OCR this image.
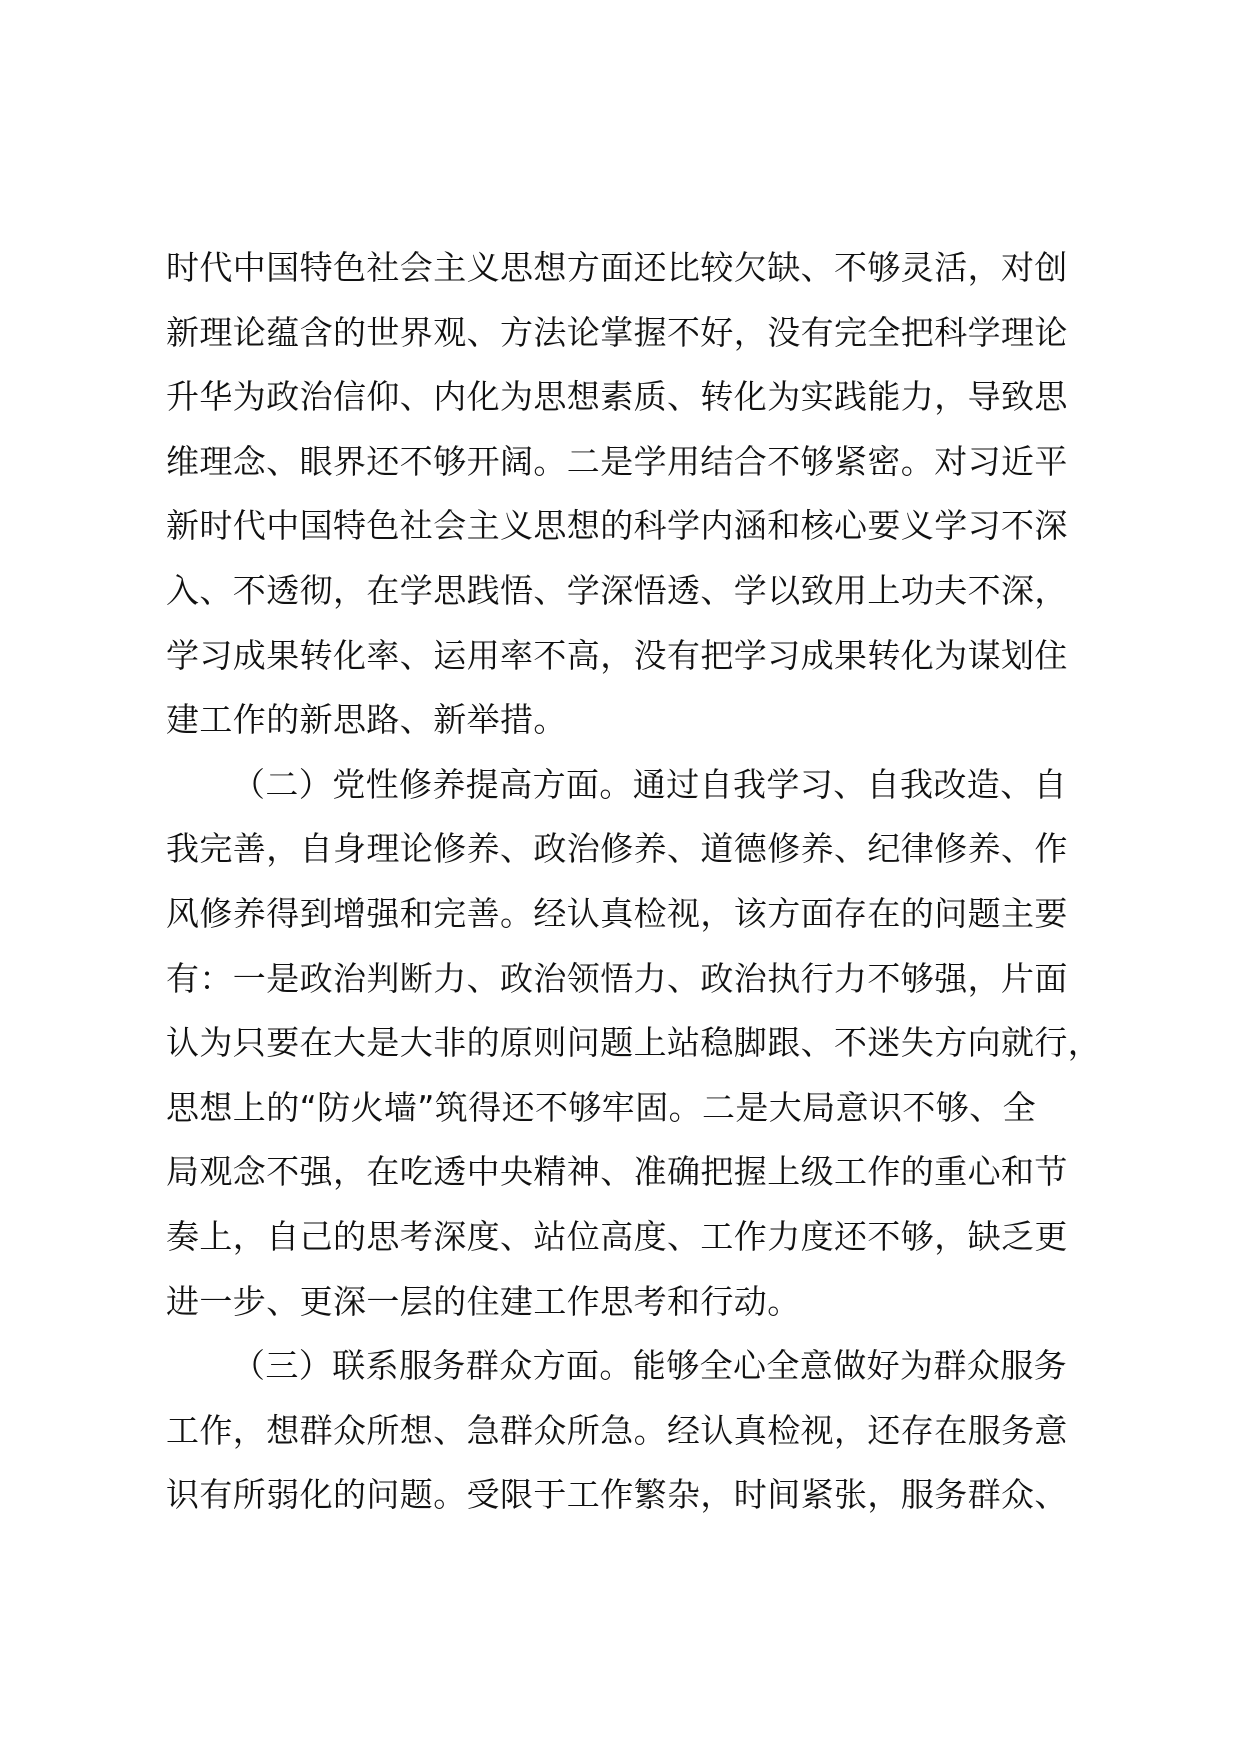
时代中国特色社会主义思想方面还比较欠缺、不够灵活，对创
新理论蕴含的世界观、方法论掌握不好，没有完全把科学理论
升华为政治信仰、内化为思想素质、转化为实践能力，导致思
维理念、眼界还不够开阔。二是学用结合不够紧密。对习近平
新时代中国特色社会主义思想的科学内涵和核心要义学习不深
入、不透彻，在学思践悟、学深悟透、学以致用上功夫不深，
学习成果转化率、运用率不高，没有把学习成果转化为谋划住
建工作的新思路、新举措。
（二）党性修养提高方面。通过自我学习、自我改造、自
我完善，自身理论修养、政治修养、道德修养、纪律修养、作
风修养得到增强和完善。经认真检视，该方面存在的问题主要
有：一是政治判断力、政治领悟力、政治执行力不够强，片面
认为只要在大是大非的原则问题上站稳脚跟、不迷失方向就行，
思想上的“防火墙”筑得还不够牢固。二是大局意识不够、全
局观念不强，在吃透中央精神、准确把握上级工作的重心和节
奏上，自己的思考深度、站位高度、工作力度还不够，缺乏更
进一步、更深一层的住建工作思考和行动。
（三）联系服务群众方面。能够全心全意做好为群众服务
工作，想群众所想、急群众所急。经认真检视，还存在服务意
识有所弱化的问题。受限于工作繁杂，时间紧张，服务群众、
